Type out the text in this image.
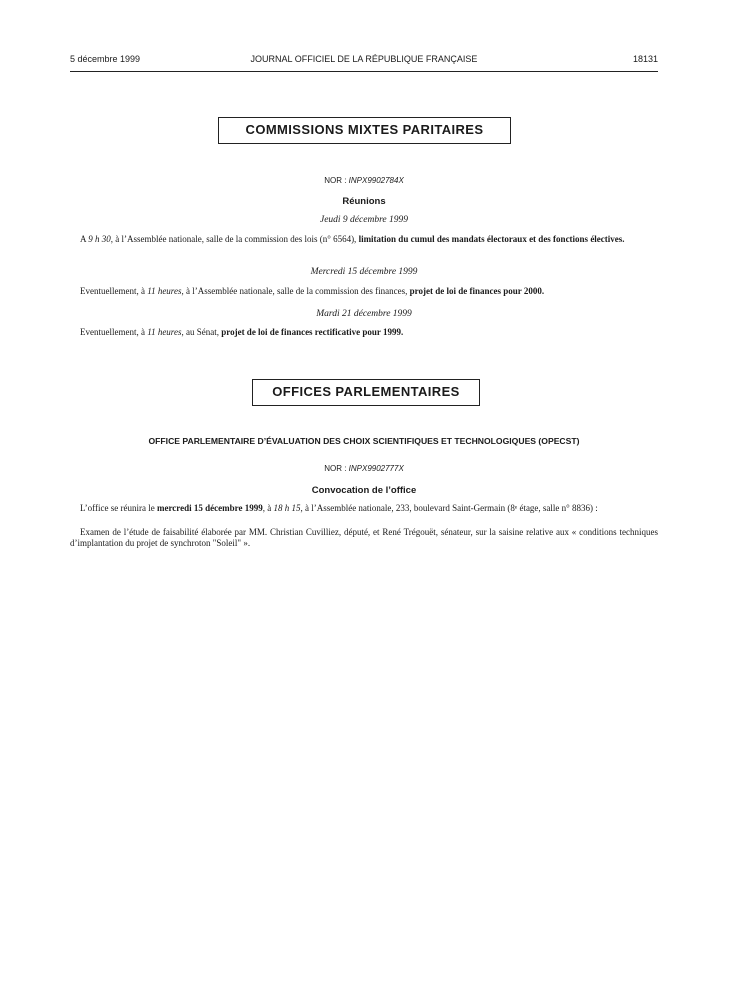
5 décembre 1999	JOURNAL OFFICIEL DE LA RÉPUBLIQUE FRANÇAISE	18131
COMMISSIONS MIXTES PARITAIRES
NOR : INPX9902784X
Réunions
Jeudi 9 décembre 1999
A 9 h 30, à l’Assemblée nationale, salle de la commission des lois (n° 6564), limitation du cumul des mandats électoraux et des fonctions électives.
Mercredi 15 décembre 1999
Eventuellement, à 11 heures, à l’Assemblée nationale, salle de la commission des finances, projet de loi de finances pour 2000.
Mardi 21 décembre 1999
Eventuellement, à 11 heures, au Sénat, projet de loi de finances rectificative pour 1999.
OFFICES PARLEMENTAIRES
OFFICE PARLEMENTAIRE D’ÉVALUATION DES CHOIX SCIENTIFIQUES ET TECHNOLOGIQUES (OPECST)
NOR : INPX9902777X
Convocation de l’office
L’office se réunira le mercredi 15 décembre 1999, à 18 h 15, à l’Assemblée nationale, 233, boulevard Saint-Germain (8ᵉ étage, salle n° 8836) :
Examen de l’étude de faisabilité élaborée par MM. Christian Cuvilliez, député, et René Trégouët, sénateur, sur la saisine relative aux « conditions techniques d’implantation du projet de synchroton "Soleil" ».
